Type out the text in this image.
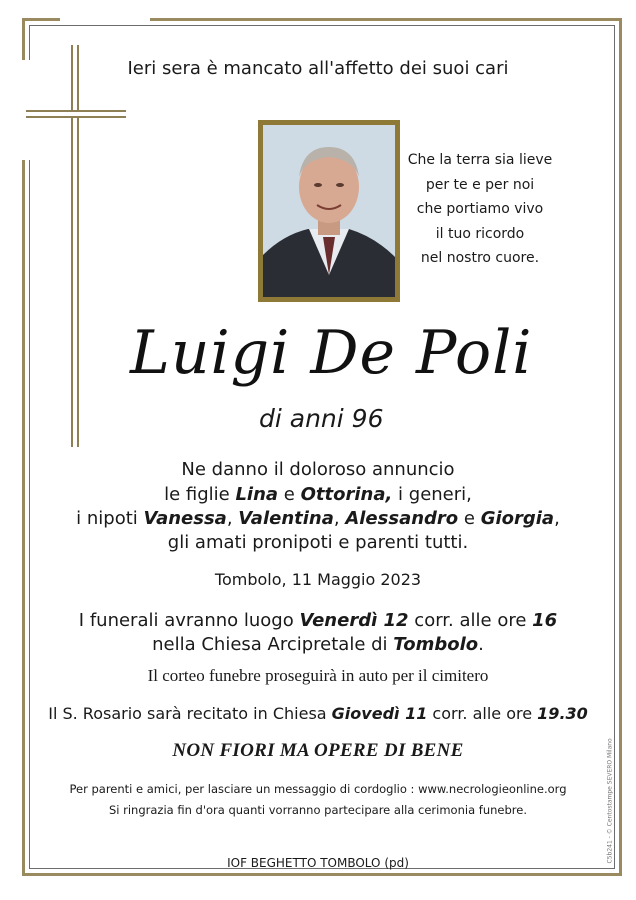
Ieri sera è mancato all'affetto dei suoi cari
Che la terra sia lieve
per te e per noi
che portiamo vivo
il tuo ricordo
nel nostro cuore.
Luigi De Poli
di anni 96
Ne danno il doloroso annuncio
le figlie Lina e Ottorina, i generi,
i nipoti Vanessa, Valentina, Alessandro e Giorgia,
gli amati pronipoti e parenti tutti.
Tombolo, 11 Maggio 2023
I funerali avranno luogo Venerdì 12 corr. alle ore 16
nella Chiesa Arcipretale di Tombolo.
Il corteo funebre proseguirà in auto per il cimitero
Il S. Rosario sarà recitato in Chiesa Giovedì 11 corr. alle ore 19.30
NON FIORI MA OPERE DI BENE
Per parenti e amici, per lasciare un messaggio di cordoglio : www.necrologieonline.org
Si ringrazia fin d'ora quanti vorranno partecipare alla cerimonia funebre.
IOF BEGHETTO TOMBOLO (pd)	C5b241 - © Centostampe SEVERO Milano
